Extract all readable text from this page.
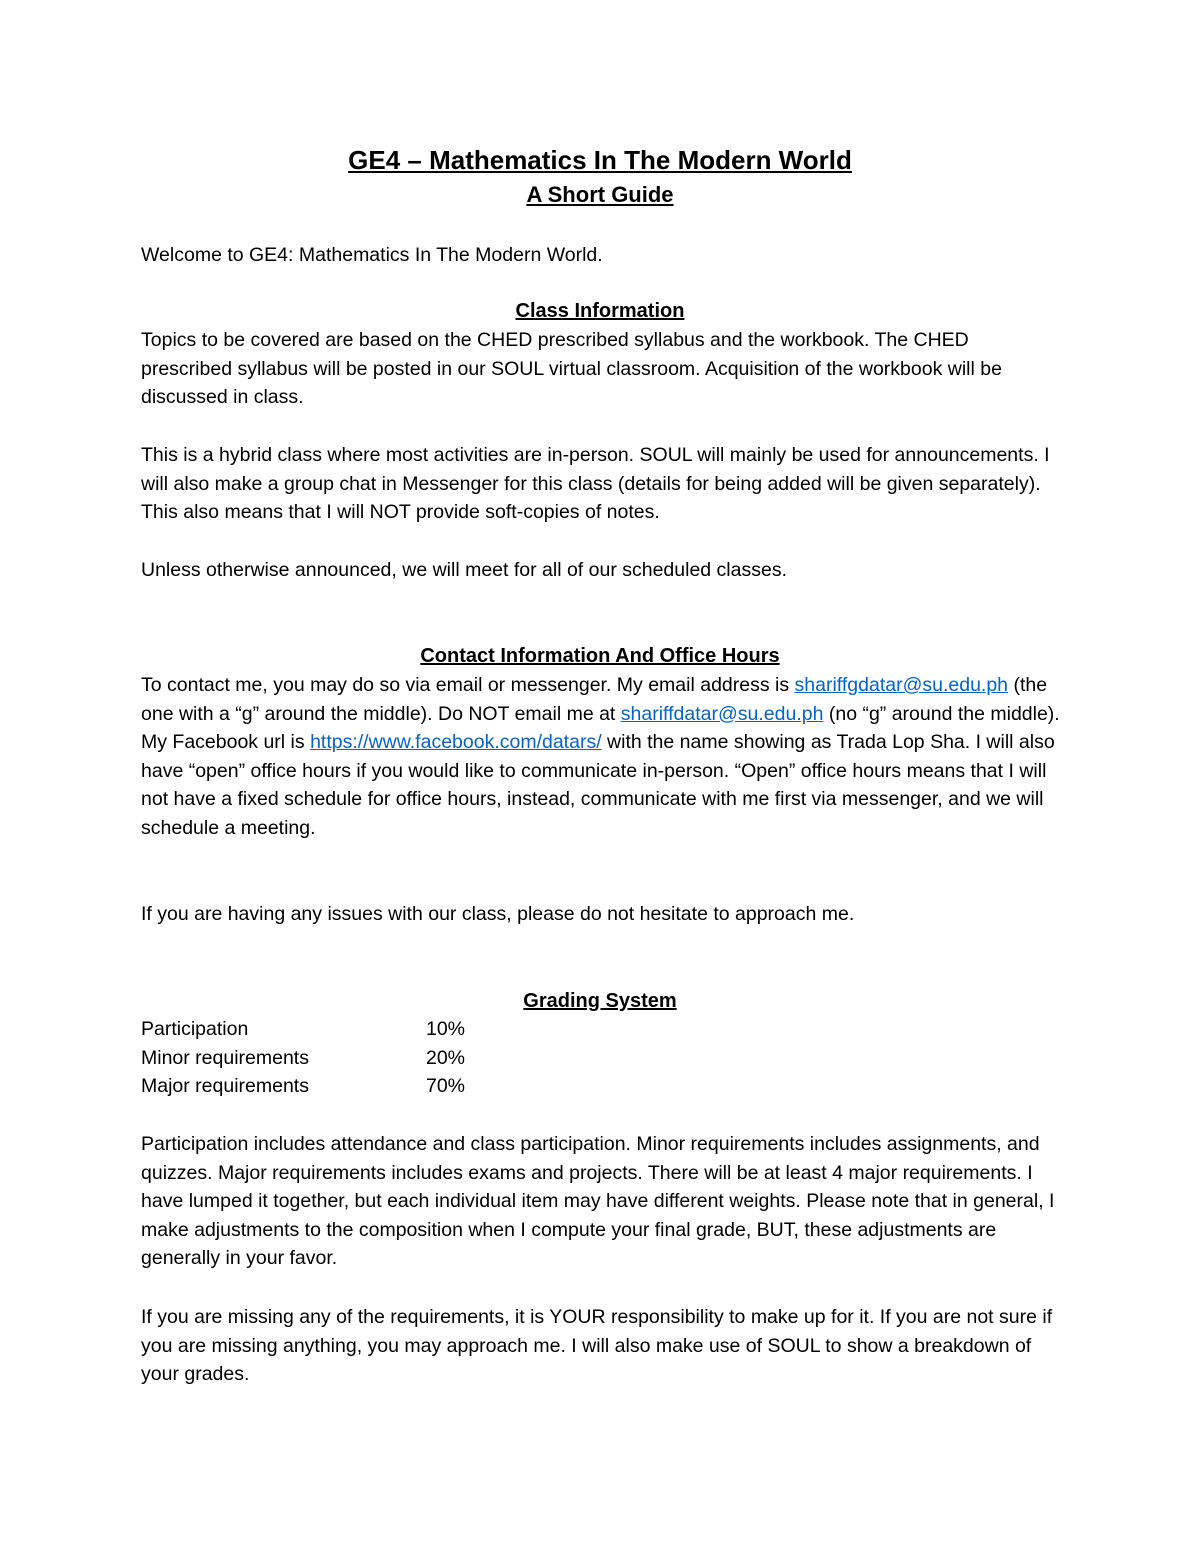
GE4 – Mathematics In The Modern World
A Short Guide

Welcome to GE4: Mathematics In The Modern World.

Class Information

Topics to be covered are based on the CHED prescribed syllabus and the workbook. The CHED prescribed syllabus will be posted in our SOUL virtual classroom. Acquisition of the workbook will be discussed in class.

This is a hybrid class where most activities are in-person. SOUL will mainly be used for announcements. I will also make a group chat in Messenger for this class (details for being added will be given separately). This also means that I will NOT provide soft-copies of notes.

Unless otherwise announced, we will meet for all of our scheduled classes.

Contact Information And Office Hours

To contact me, you may do so via email or messenger. My email address is shariffgdatar@su.edu.ph (the one with a “g” around the middle). Do NOT email me at shariffdatar@su.edu.ph (no “g” around the middle). My Facebook url is https://www.facebook.com/datars/ with the name showing as Trada Lop Sha. I will also have “open” office hours if you would like to communicate in-person. “Open” office hours means that I will not have a fixed schedule for office hours, instead, communicate with me first via messenger, and we will schedule a meeting.

If you are having any issues with our class, please do not hesitate to approach me.

Grading System
Participation	10%
Minor requirements	20%
Major requirements	70%

Participation includes attendance and class participation. Minor requirements includes assignments, and quizzes. Major requirements includes exams and projects. There will be at least 4 major requirements. I have lumped it together, but each individual item may have different weights. Please note that in general, I make adjustments to the composition when I compute your final grade, BUT, these adjustments are generally in your favor.

If you are missing any of the requirements, it is YOUR responsibility to make up for it. If you are not sure if you are missing anything, you may approach me. I will also make use of SOUL to show a breakdown of your grades.
